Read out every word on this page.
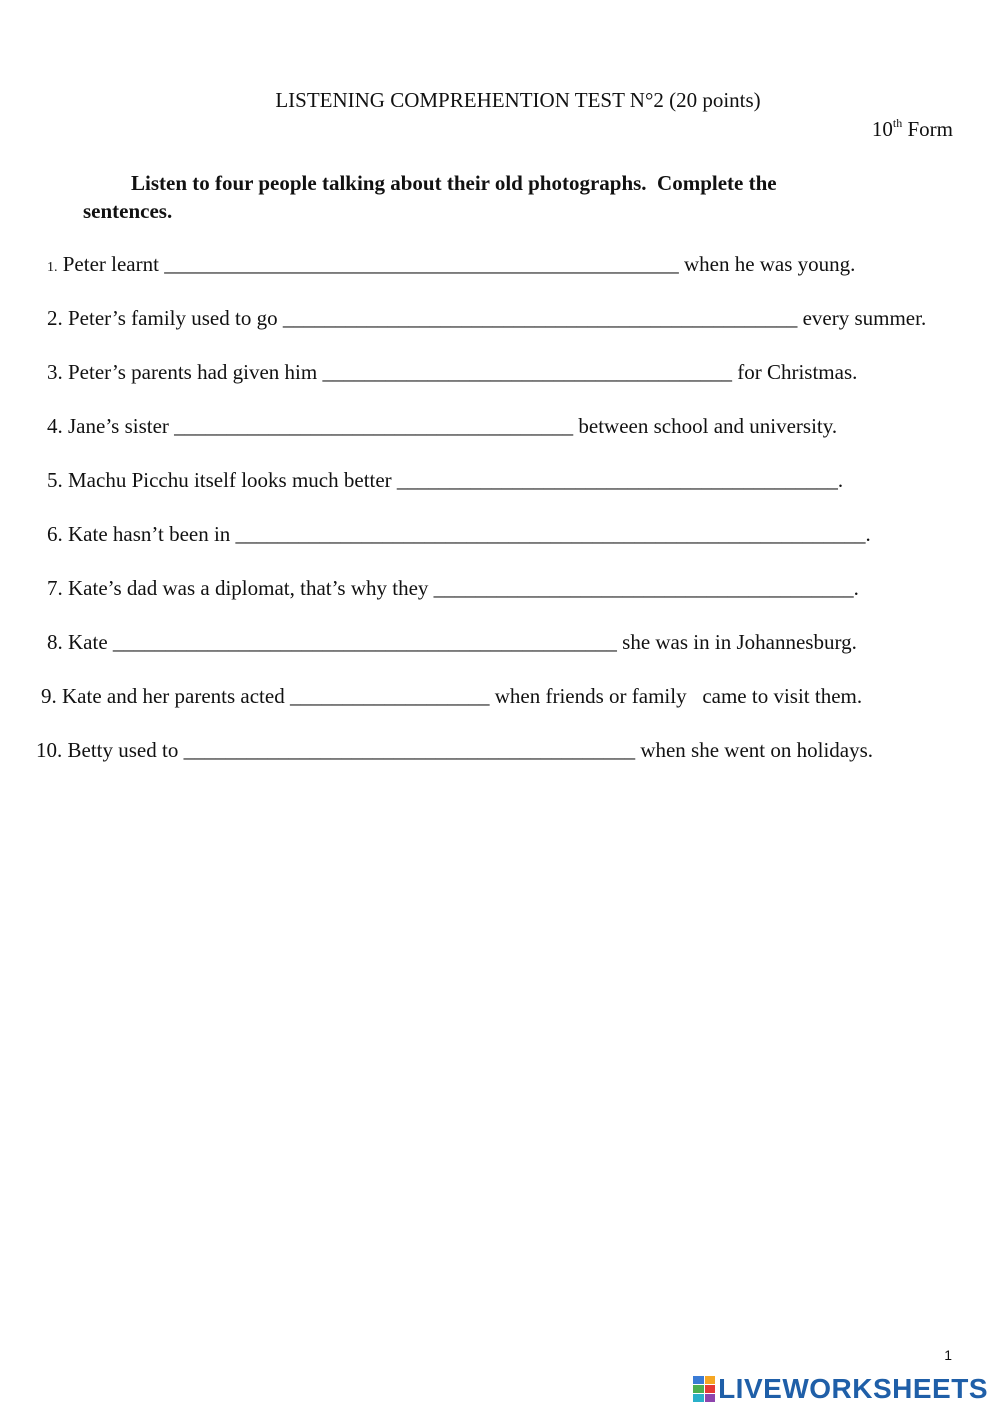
LISTENING COMPREHENTION TEST N°2 (20 points)
10th Form
Listen to four people talking about their old photographs.  Complete the
sentences.
1. Peter learnt _________________________________________________ when he was young.
2. Peter’s family used to go _________________________________________________ every summer.
3. Peter’s parents had given him _______________________________________ for Christmas.
4. Jane’s sister ______________________________________ between school and university.
5. Machu Picchu itself looks much better __________________________________________.
6. Kate hasn’t been in ____________________________________________________________.
7. Kate’s dad was a diplomat, that’s why they ________________________________________.
8. Kate ________________________________________________ she was in in Johannesburg.
9. Kate and her parents acted ___________________ when friends or family   came to visit them.
10. Betty used to ___________________________________________ when she went on holidays.
1
LIVEWORKSHEETS
